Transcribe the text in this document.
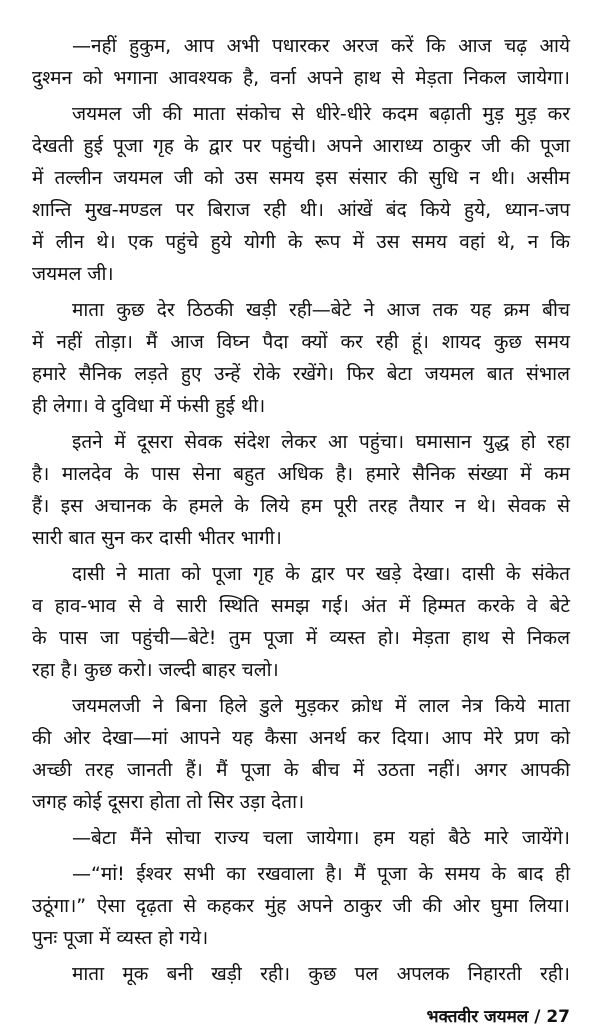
—नहीं हुकुम, आप अभी पधारकर अरज करें कि आज चढ़ आये
दुश्मन को भगाना आवश्यक है, वर्ना अपने हाथ से मेड़ता निकल जायेगा।
जयमल जी की माता संकोच से धीरे-धीरे कदम बढ़ाती मुड़ मुड़ कर
देखती हुई पूजा गृह के द्वार पर पहुंची। अपने आराध्य ठाकुर जी की पूजा
में तल्लीन जयमल जी को उस समय इस संसार की सुधि न थी। असीम
शान्ति मुख-मण्डल पर बिराज रही थी। आंखें बंद किये हुये, ध्यान-जप
में लीन थे। एक पहुंचे हुये योगी के रूप में उस समय वहां थे, न कि
जयमल जी।
माता कुछ देर ठिठकी खड़ी रही—बेटे ने आज तक यह क्रम बीच
में नहीं तोड़ा। मैं आज विघ्न पैदा क्यों कर रही हूं। शायद कुछ समय
हमारे सैनिक लड़ते हुए उन्हें रोके रखेंगे। फिर बेटा जयमल बात संभाल
ही लेगा। वे दुविधा में फंसी हुई थी।
इतने में दूसरा सेवक संदेश लेकर आ पहुंचा। घमासान युद्ध हो रहा
है। मालदेव के पास सेना बहुत अधिक है। हमारे सैनिक संख्या में कम
हैं। इस अचानक के हमले के लिये हम पूरी तरह तैयार न थे। सेवक से
सारी बात सुन कर दासी भीतर भागी।
दासी ने माता को पूजा गृह के द्वार पर खड़े देखा। दासी के संकेत
व हाव-भाव से वे सारी स्थिति समझ गई। अंत में हिम्मत करके वे बेटे
के पास जा पहुंची—बेटे! तुम पूजा में व्यस्त हो। मेड़ता हाथ से निकल
रहा है। कुछ करो। जल्दी बाहर चलो।
जयमलजी ने बिना हिले डुले मुड़कर क्रोध में लाल नेत्र किये माता
की ओर देखा—मां आपने यह कैसा अनर्थ कर दिया। आप मेरे प्रण को
अच्छी तरह जानती हैं। मैं पूजा के बीच में उठता नहीं। अगर आपकी
जगह कोई दूसरा होता तो सिर उड़ा देता।
—बेटा मैंने सोचा राज्य चला जायेगा। हम यहां बैठे मारे जायेंगे।
—“मां! ईश्वर सभी का रखवाला है। मैं पूजा के समय के बाद ही
उठूंगा।” ऐसा दृढ़ता से कहकर मुंह अपने ठाकुर जी की ओर घुमा लिया।
पुनः पूजा में व्यस्त हो गये।
माता मूक बनी खड़ी रही। कुछ पल अपलक निहारती रही।
भक्तवीर जयमल / 27
